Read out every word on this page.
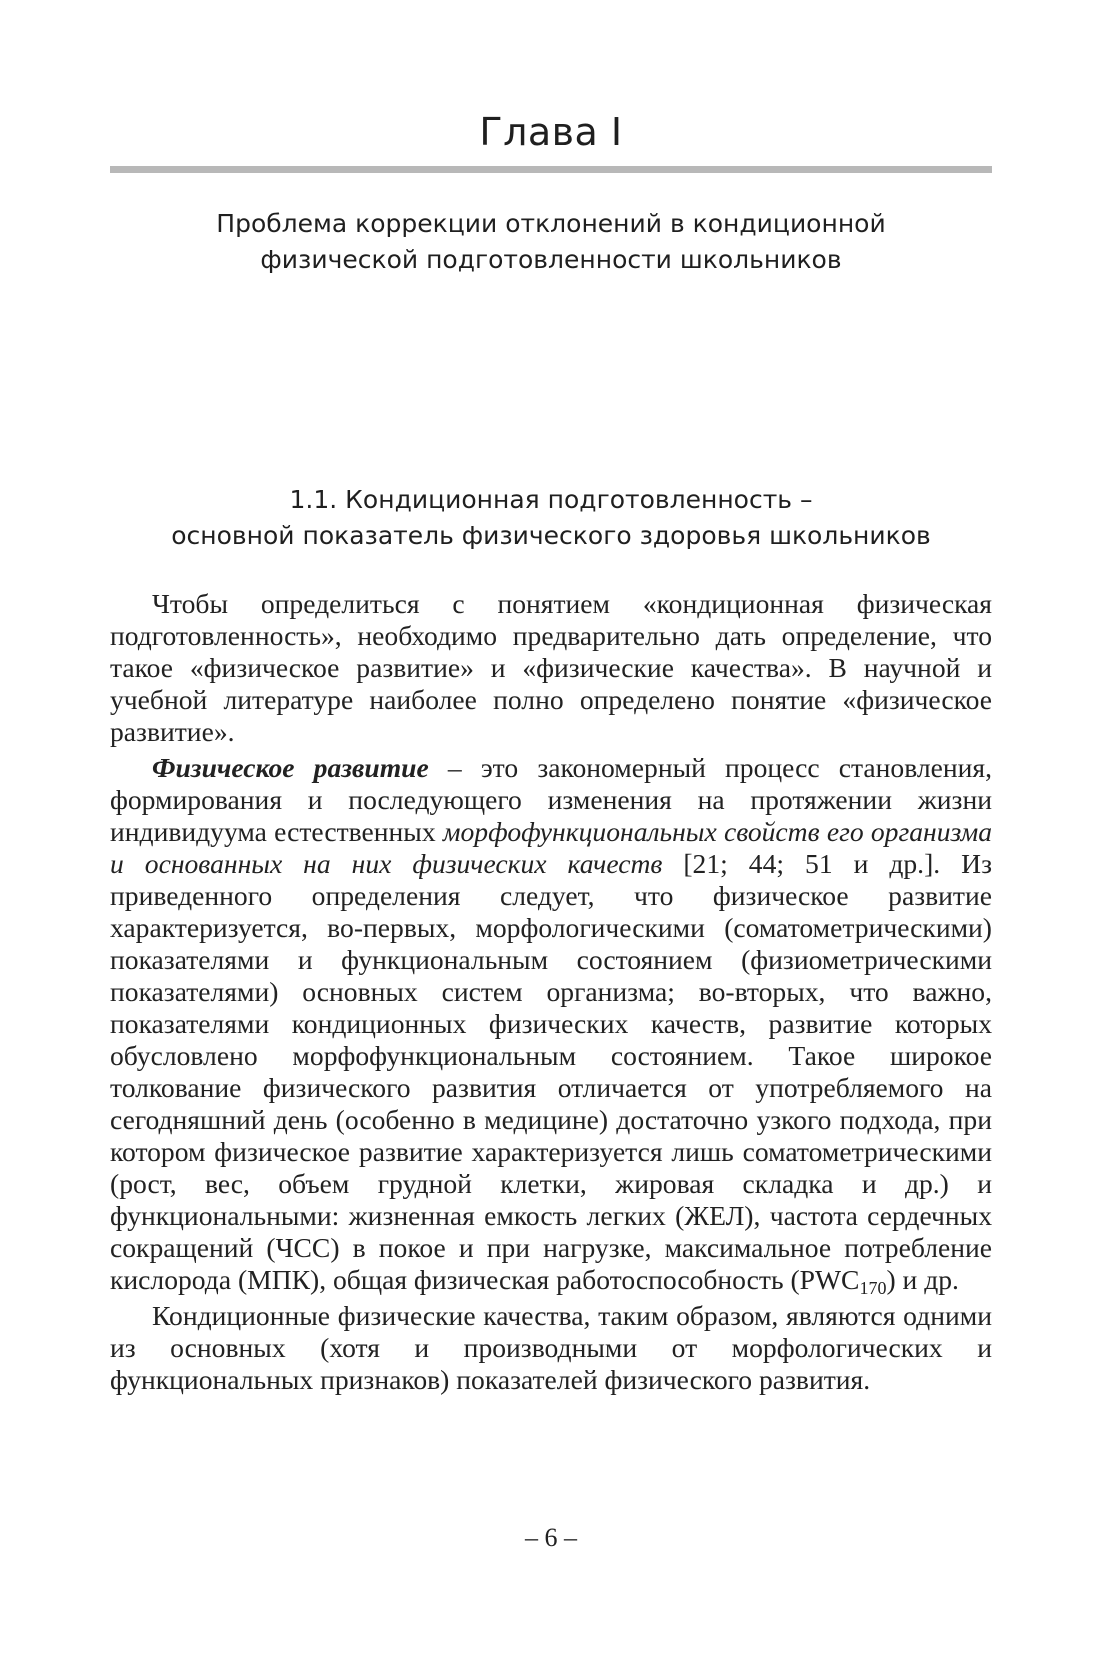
Глава I
Проблема коррекции отклонений в кондиционной
физической подготовленности школьников
1.1. Кондиционная подготовленность –
основной показатель физического здоровья школьников

Чтобы определиться с понятием «кондиционная физическая подготовленность», необходимо предварительно дать определение, что такое «физическое развитие» и «физические качества». В научной и учебной литературе наиболее полно определено понятие «физическое развитие».

Физическое развитие – это закономерный процесс становления, формирования и последующего изменения на протяжении жизни индивидуума естественных морфофункциональных свойств его организма и основанных на них физических качеств [21; 44; 51 и др.]. Из приведенного определения следует, что физическое развитие характеризуется, во-первых, морфологическими (соматометрическими) показателями и функциональным состоянием (физиометрическими показателями) основных систем организма; во-вторых, что важно, показателями кондиционных физических качеств, развитие которых обусловлено морфофункциональным состоянием. Такое широкое толкование физического развития отличается от употребляемого на сегодняшний день (особенно в медицине) достаточно узкого подхода, при котором физическое развитие характеризуется лишь соматометрическими (рост, вес, объем грудной клетки, жировая складка и др.) и функциональными: жизненная емкость легких (ЖЕЛ), частота сердечных сокращений (ЧСС) в покое и при нагрузке, максимальное потребление кислорода (МПК), общая физическая работоспособность $(PWC_{170})$ и др.

Кондиционные физические качества, таким образом, являются одними из основных (хотя и производными от морфологических и функциональных признаков) показателей физического развития.

– 6 –
